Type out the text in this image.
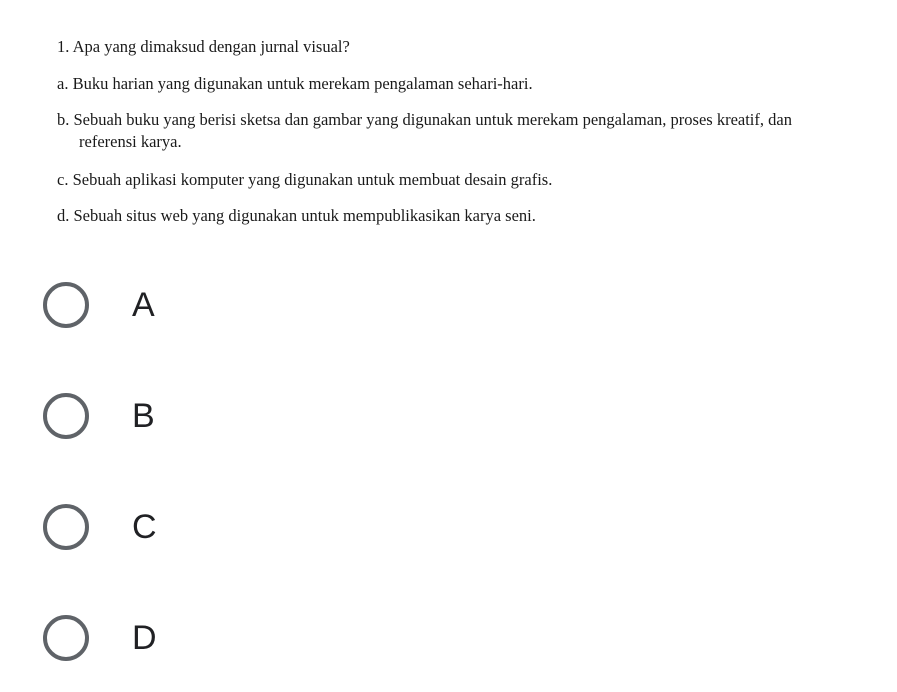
1. Apa yang dimaksud dengan jurnal visual?
a. Buku harian yang digunakan untuk merekam pengalaman sehari-hari.
b. Sebuah buku yang berisi sketsa dan gambar yang digunakan untuk merekam pengalaman, proses kreatif, dan
referensi karya.
c. Sebuah aplikasi komputer yang digunakan untuk membuat desain grafis.
d. Sebuah situs web yang digunakan untuk mempublikasikan karya seni.
A
B
C
D
